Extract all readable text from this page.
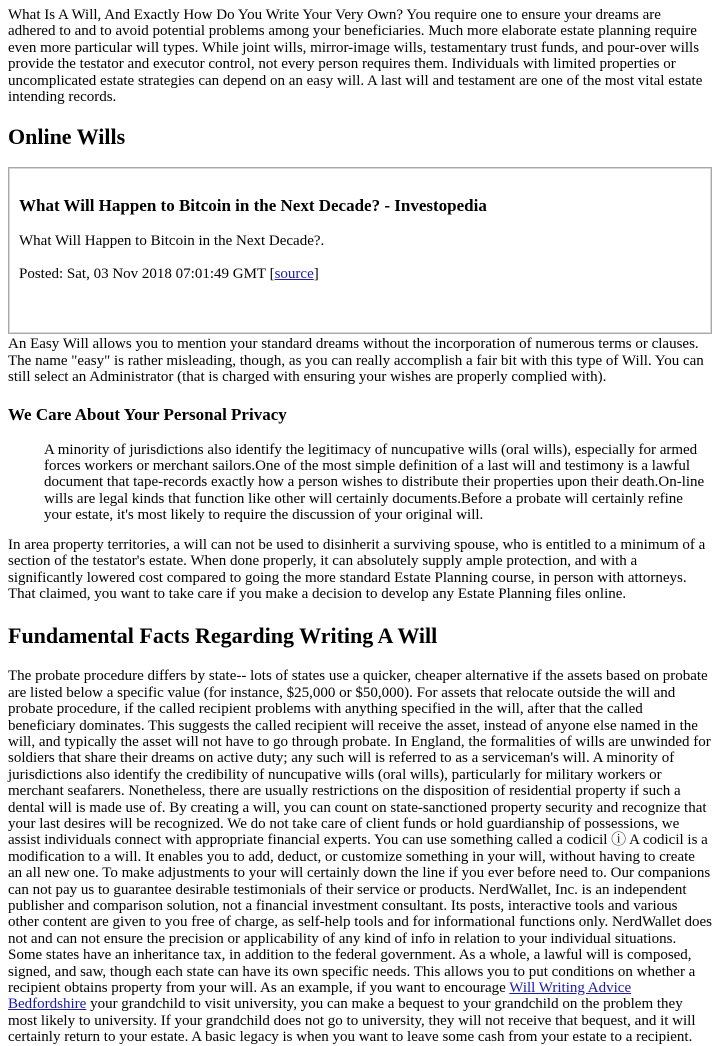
What Is A Will, And Exactly How Do You Write Your Very Own? You require one to ensure your dreams are adhered to and to avoid potential problems among your beneficiaries. Much more elaborate estate planning require even more particular will types. While joint wills, mirror-image wills, testamentary trust funds, and pour-over wills provide the testator and executor control, not every person requires them. Individuals with limited properties or uncomplicated estate strategies can depend on an easy will. A last will and testament are one of the most vital estate intending records.

Online Wills
What Will Happen to Bitcoin in the Next Decade? - Investopedia

What Will Happen to Bitcoin in the Next Decade?.

Posted: Sat, 03 Nov 2018 07:01:49 GMT [source]

An Easy Will allows you to mention your standard dreams without the incorporation of numerous terms or clauses. The name "easy" is rather misleading, though, as you can really accomplish a fair bit with this type of Will. You can still select an Administrator (that is charged with ensuring your wishes are properly complied with).

We Care About Your Personal Privacy
A minority of jurisdictions also identify the legitimacy of nuncupative wills (oral wills), especially for armed forces workers or merchant sailors.One of the most simple definition of a last will and testimony is a lawful document that tape-records exactly how a person wishes to distribute their properties upon their death.On-line wills are legal kinds that function like other will certainly documents.Before a probate will certainly refine your estate, it's most likely to require the discussion of your original will.

In area property territories, a will can not be used to disinherit a surviving spouse, who is entitled to a minimum of a section of the testator's estate. When done properly, it can absolutely supply ample protection, and with a significantly lowered cost compared to going the more standard Estate Planning course, in person with attorneys. That claimed, you want to take care if you make a decision to develop any Estate Planning files online.

Fundamental Facts Regarding Writing A Will

The probate procedure differs by state-- lots of states use a quicker, cheaper alternative if the assets based on probate are listed below a specific value (for instance, $25,000 or $50,000). For assets that relocate outside the will and probate procedure, if the called recipient problems with anything specified in the will, after that the called beneficiary dominates. This suggests the called recipient will receive the asset, instead of anyone else named in the will, and typically the asset will not have to go through probate. In England, the formalities of wills are unwinded for soldiers that share their dreams on active duty; any such will is referred to as a serviceman's will. A minority of jurisdictions also identify the credibility of nuncupative wills (oral wills), particularly for military workers or merchant seafarers. Nonetheless, there are usually restrictions on the disposition of residential property if such a dental will is made use of. By creating a will, you can count on state-sanctioned property security and recognize that your last desires will be recognized. We do not take care of client funds or hold guardianship of possessions, we assist individuals connect with appropriate financial experts. You can use something called a codicil ⓘ A codicil is a modification to a will. It enables you to add, deduct, or customize something in your will, without having to create an all new one. To make adjustments to your will certainly down the line if you ever before need to. Our companions can not pay us to guarantee desirable testimonials of their service or products. NerdWallet, Inc. is an independent publisher and comparison solution, not a financial investment consultant. Its posts, interactive tools and various other content are given to you free of charge, as self-help tools and for informational functions only. NerdWallet does not and can not ensure the precision or applicability of any kind of info in relation to your individual situations. Some states have an inheritance tax, in addition to the federal government. As a whole, a lawful will is composed, signed, and saw, though each state can have its own specific needs. This allows you to put conditions on whether a recipient obtains property from your will. As an example, if you want to encourage Will Writing Advice Bedfordshire your grandchild to visit university, you can make a bequest to your grandchild on the problem they most likely to university. If your grandchild does not go to university, they will not receive that bequest, and it will certainly return to your estate. A basic legacy is when you want to leave some cash from your estate to a recipient.
